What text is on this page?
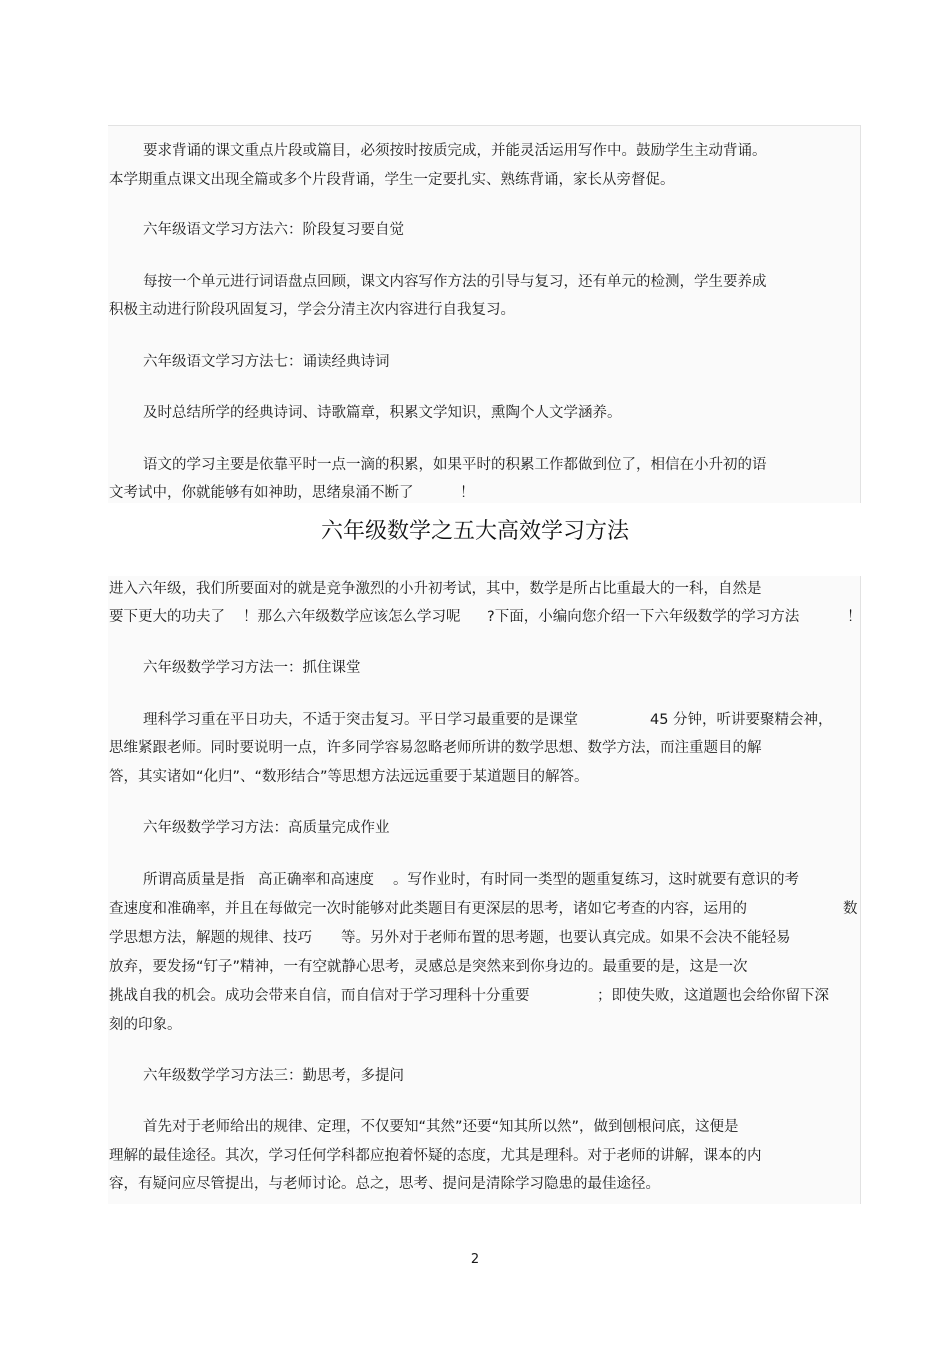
要求背诵的课文重点片段或篇目，必须按时按质完成，并能灵活运用写作中。鼓励学生主动背诵。
本学期重点课文出现全篇或多个片段背诵，学生一定要扎实、熟练背诵，家长从旁督促。
六年级语文学习方法六：阶段复习要自觉
每按一个单元进行词语盘点回顾，课文内容写作方法的引导与复习，还有单元的检测，学生要养成
积极主动进行阶段巩固复习，学会分清主次内容进行自我复习。
六年级语文学习方法七：诵读经典诗词
及时总结所学的经典诗词、诗歌篇章，积累文学知识，熏陶个人文学涵养。
语文的学习主要是依靠平时一点一滴的积累，如果平时的积累工作都做到位了，相信在小升初的语
文考试中，你就能够有如神助，思绪泉涌不断了	！
六年级数学之五大高效学习方法
进入六年级，我们所要面对的就是竞争激烈的小升初考试，其中，数学是所占比重最大的一科，自然是
要下更大的功夫了 ！那么六年级数学应该怎么学习呢 ?下面，小编向您介绍一下六年级数学的学习方法	！
六年级数学学习方法一：抓住课堂
理科学习重在平日功夫，不适于突击复习。平日学习最重要的是课堂	45 分钟，听讲要聚精会神，
思维紧跟老师。同时要说明一点，许多同学容易忽略老师所讲的数学思想、数学方法，而注重题目的解
答，其实诸如“化归”、“数形结合”等思想方法远远重要于某道题目的解答。
六年级数学学习方法：高质量完成作业
所谓高质量是指 高正确率和高速度 。写作业时，有时同一类型的题重复练习，这时就要有意识的考
查速度和准确率，并且在每做完一次时能够对此类题目有更深层的思考，诸如它考查的内容，运用的	数
学思想方法，解题的规律、技巧 等。另外对于老师布置的思考题，也要认真完成。如果不会决不能轻易
放弃，要发扬“钉子”精神，一有空就静心思考，灵感总是突然来到你身边的。最重要的是，这是一次
挑战自我的机会。成功会带来自信，而自信对于学习理科十分重要	；即使失败，这道题也会给你留下深
刻的印象。
六年级数学学习方法三：勤思考，多提问
首先对于老师给出的规律、定理，不仅要知“其然”还要“知其所以然”，做到刨根问底，这便是
理解的最佳途径。其次，学习任何学科都应抱着怀疑的态度，尤其是理科。对于老师的讲解，课本的内
容，有疑问应尽管提出，与老师讨论。总之，思考、提问是清除学习隐患的最佳途径。
2
